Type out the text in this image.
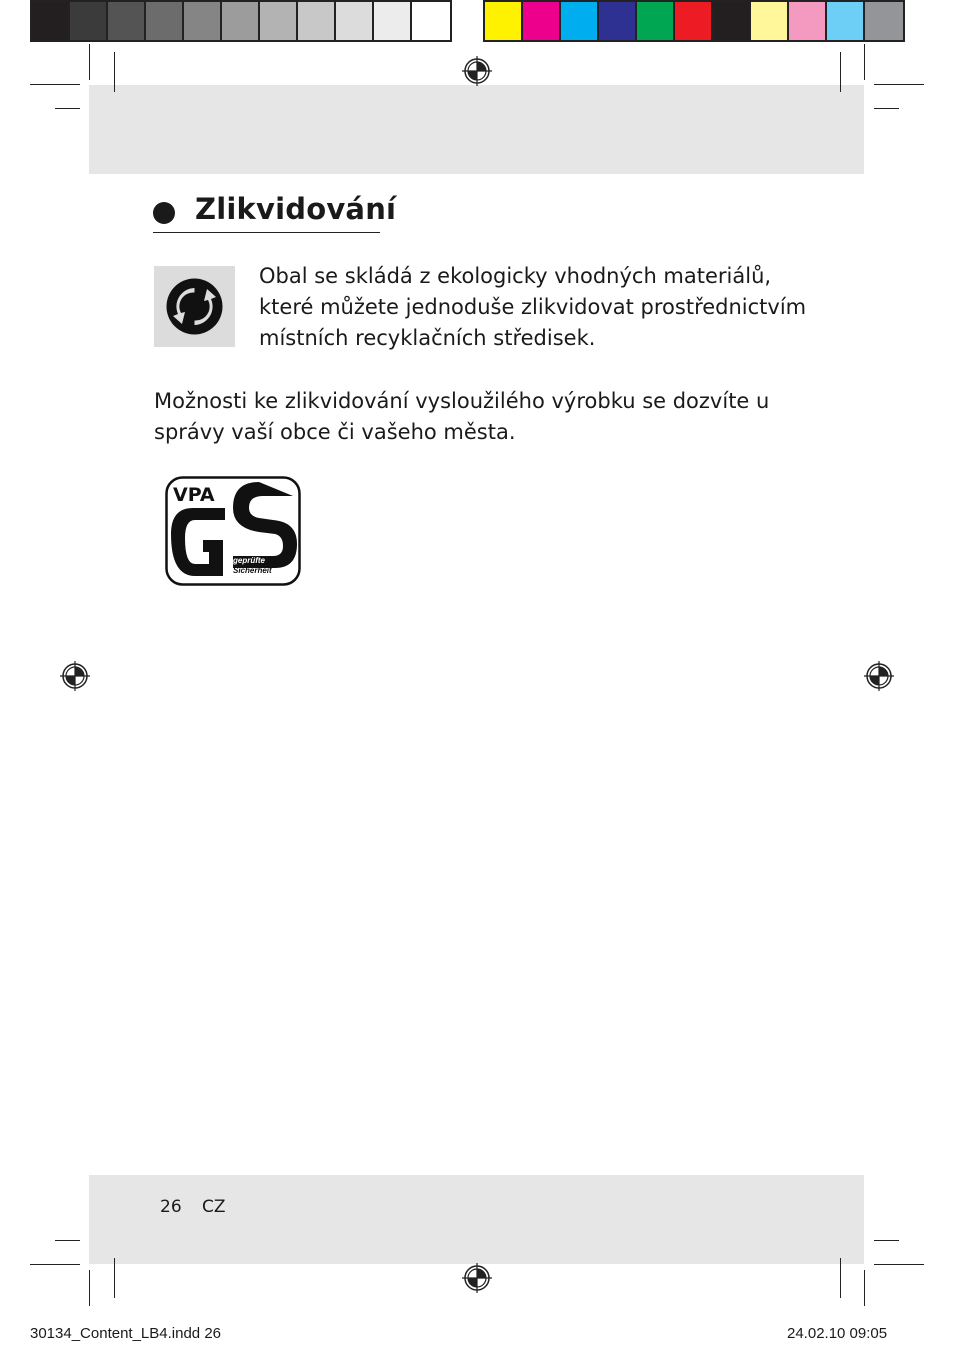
Zlikvidování

Obal se skládá z ekologicky vhodných materiálů, které můžete jednoduše zlikvidovat prostřednictvím místních recyklačních středisek.

Možnosti ke zlikvidování vysloužilého výrobku se dozvíte u správy vaší obce či vašeho města.

VPA
geprüfte
Sicherheit
26 CZ
30134_Content_LB4.indd 26	24.02.10 09:05
